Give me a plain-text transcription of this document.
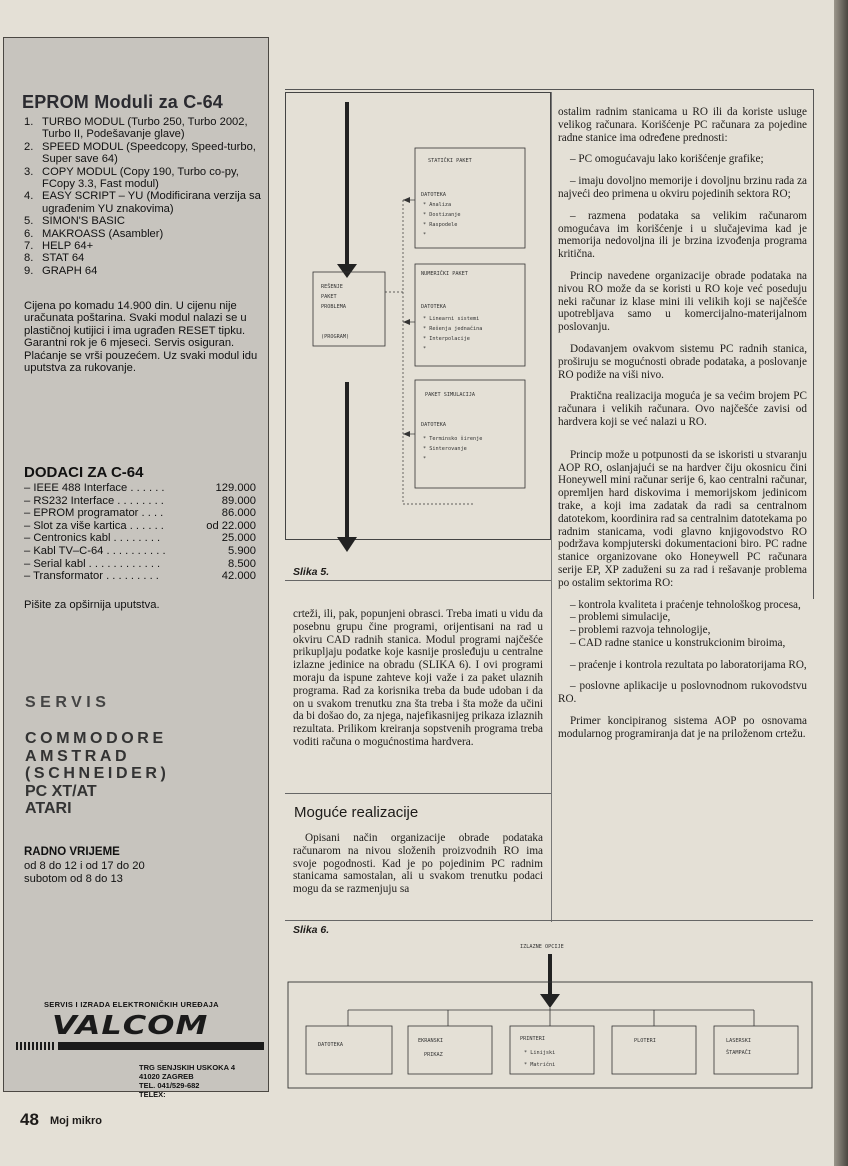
EPROM Moduli za C-64
1. TURBO MODUL (Turbo 250, Turbo 2002, Turbo II, Podešavanje glave)
2. SPEED MODUL (Speedcopy, Speed-turbo, Super save 64)
3. COPY MODUL (Copy 190, Turbo co-py, FCopy 3.3, Fast modul)
4. EASY SCRIPT – YU (Modificirana verzija sa ugrađenim YU znakovima)
5. SIMON'S BASIC
6. MAKROASS (Asambler)
7. HELP 64+
8. STAT 64
9. GRAPH 64

Cijena po komadu 14.900 din. U cijenu nije uračunata poštarina. Svaki modul nalazi se u plastičnoj kutijici i ima ugrađen RESET tipku. Garantni rok je 6 mjeseci. Servis osiguran. Plaćanje se vrši pouzećem. Uz svaki modul idu uputstva za rukovanje.

DODACI ZA C-64
– IEEE 488 Interface . . . . . .	129.000
– RS232 Interface . . . . . . . .	89.000
– EPROM programator . . . .	86.000
– Slot za više kartica . . . . . .	od 22.000
– Centronics kabl . . . . . . . .	25.000
– Kabl TV–C-64 . . . . . . . . . .	5.900
– Serial kabl . . . . . . . . . . . .	8.500
– Transformator . . . . . . . . .	42.000

Pišite za opširnija uputstva.

SERVIS
COMMODORE
AMSTRAD
(SCHNEIDER)
PC XT/AT
ATARI
RADNO VRIJEME
od 8 do 12 i od 17 do 20
subotom od 8 do 13
SERVIS I IZRADA ELEKTRONIČKIH UREĐAJA
VALCOM
TRG SENJSKIH USKOKA 4
41020 ZAGREB
TEL. 041/529-682
TELEX:
48 Moj mikro
REŠENJE
PAKET
PROBLEMA
(PROGRAM)
STATIČKI PAKET
DATOTEKA
* Analiza
* Dostizanje
* Raspodele
*
NUMERIČKI PAKET
DATOTEKA
* Linearni sistemi
* Rešenja jednačina
* Interpolacije
*
PAKET SIMULACIJA
DATOTEKA
* Terminsko širenje
* Sinterovanje
*
Slika 5.

crteži, ili, pak, popunjeni obrasci. Treba imati u vidu da posebnu grupu čine programi, orijentisani na rad u okviru CAD radnih stanica. Modul programi najčešće prikupljaju podatke koje kasnije prosleđuju u centralne izlazne jedinice na obradu (SLIKA 6). I ovi programi moraju da ispune zahteve koji važe i za paket ulaznih programa. Rad za korisnika treba da bude udoban i da on u svakom trenutku zna šta treba i šta može da učini da bi došao do, za njega, najefikasnijeg prikaza izlaznih rezultata. Prilikom kreiranja sopstvenih programa treba voditi računa o mogućnostima hardvera.

Moguće realizacije

Opisani način organizacije obrade podataka računarom na nivou složenih proizvodnih RO ima svoje pogodnosti. Kad je po pojedinim PC radnim stanicama samostalan, ali u svakom trenutku podaci mogu da se razmenjuju sa

ostalim radnim stanicama u RO ili da koriste usluge velikog računara. Korišćenje PC računara za pojedine radne stanice ima određene prednosti:

– PC omogućavaju lako korišćenje grafike;

– imaju dovoljno memorije i dovoljnu brzinu rada za najveći deo primena u okviru pojedinih sektora RO;

– razmena podataka sa velikim računarom omogućava im korišćenje i u slučajevima kad je memorija nedovoljna ili je brzina izvođenja programa kritična.

Princip navedene organizacije obrade podataka na nivou RO može da se koristi u RO koje već poseduju neki računar iz klase mini ili velikih koji se najčešće upotrebljava samo u komercijalno-materijalnom poslovanju.

Dodavanjem ovakvom sistemu PC radnih stanica, proširuju se mogućnosti obrade podataka, a poslovanje RO podiže na viši nivo.

Praktična realizacija moguća je sa većim brojem PC računara i velikih računara. Ovo najčešće zavisi od hardvera koji se već nalazi u RO.

Princip može u potpunosti da se iskoristi u stvaranju AOP RO, oslanjajući se na hardver čiju okosnicu čini Honeywell mini računar serije 6, kao centralni računar, opremljen hard diskovima i memorijskom jedinicom trake, a koji ima zadatak da radi sa centralnom datotekom, koordinira rad sa centralnim datotekama po radnim stanicama, vodi glavno knjigovodstvo RO podržava kompjuterski dokumentacioni biro. PC radne stanice organizovane oko Honeywell PC računara serije EP, XP zaduženi su za rad i rešavanje problema po ostalim sektorima RO:

– kontrola kvaliteta i praćenje tehnološkog procesa,

– problemi simulacije,

– problemi razvoja tehnologije,

– CAD radne stanice u konstrukcionim biroima,

– praćenje i kontrola rezultata po laboratorijama RO,

– poslovne aplikacije u poslovnodnom rukovodstvu RO.

Primer koncipiranog sistema AOP po osnovama modularnog programiranja dat je na priloženom crtežu.

Slika 6.
IZLAZNE OPCIJE
DATOTEKA
EKRANSKI
PRIKAZ
PRINTERI
* Linijski
* Matrični
PLOTERI	LASERSKI
ŠTAMPAČI
